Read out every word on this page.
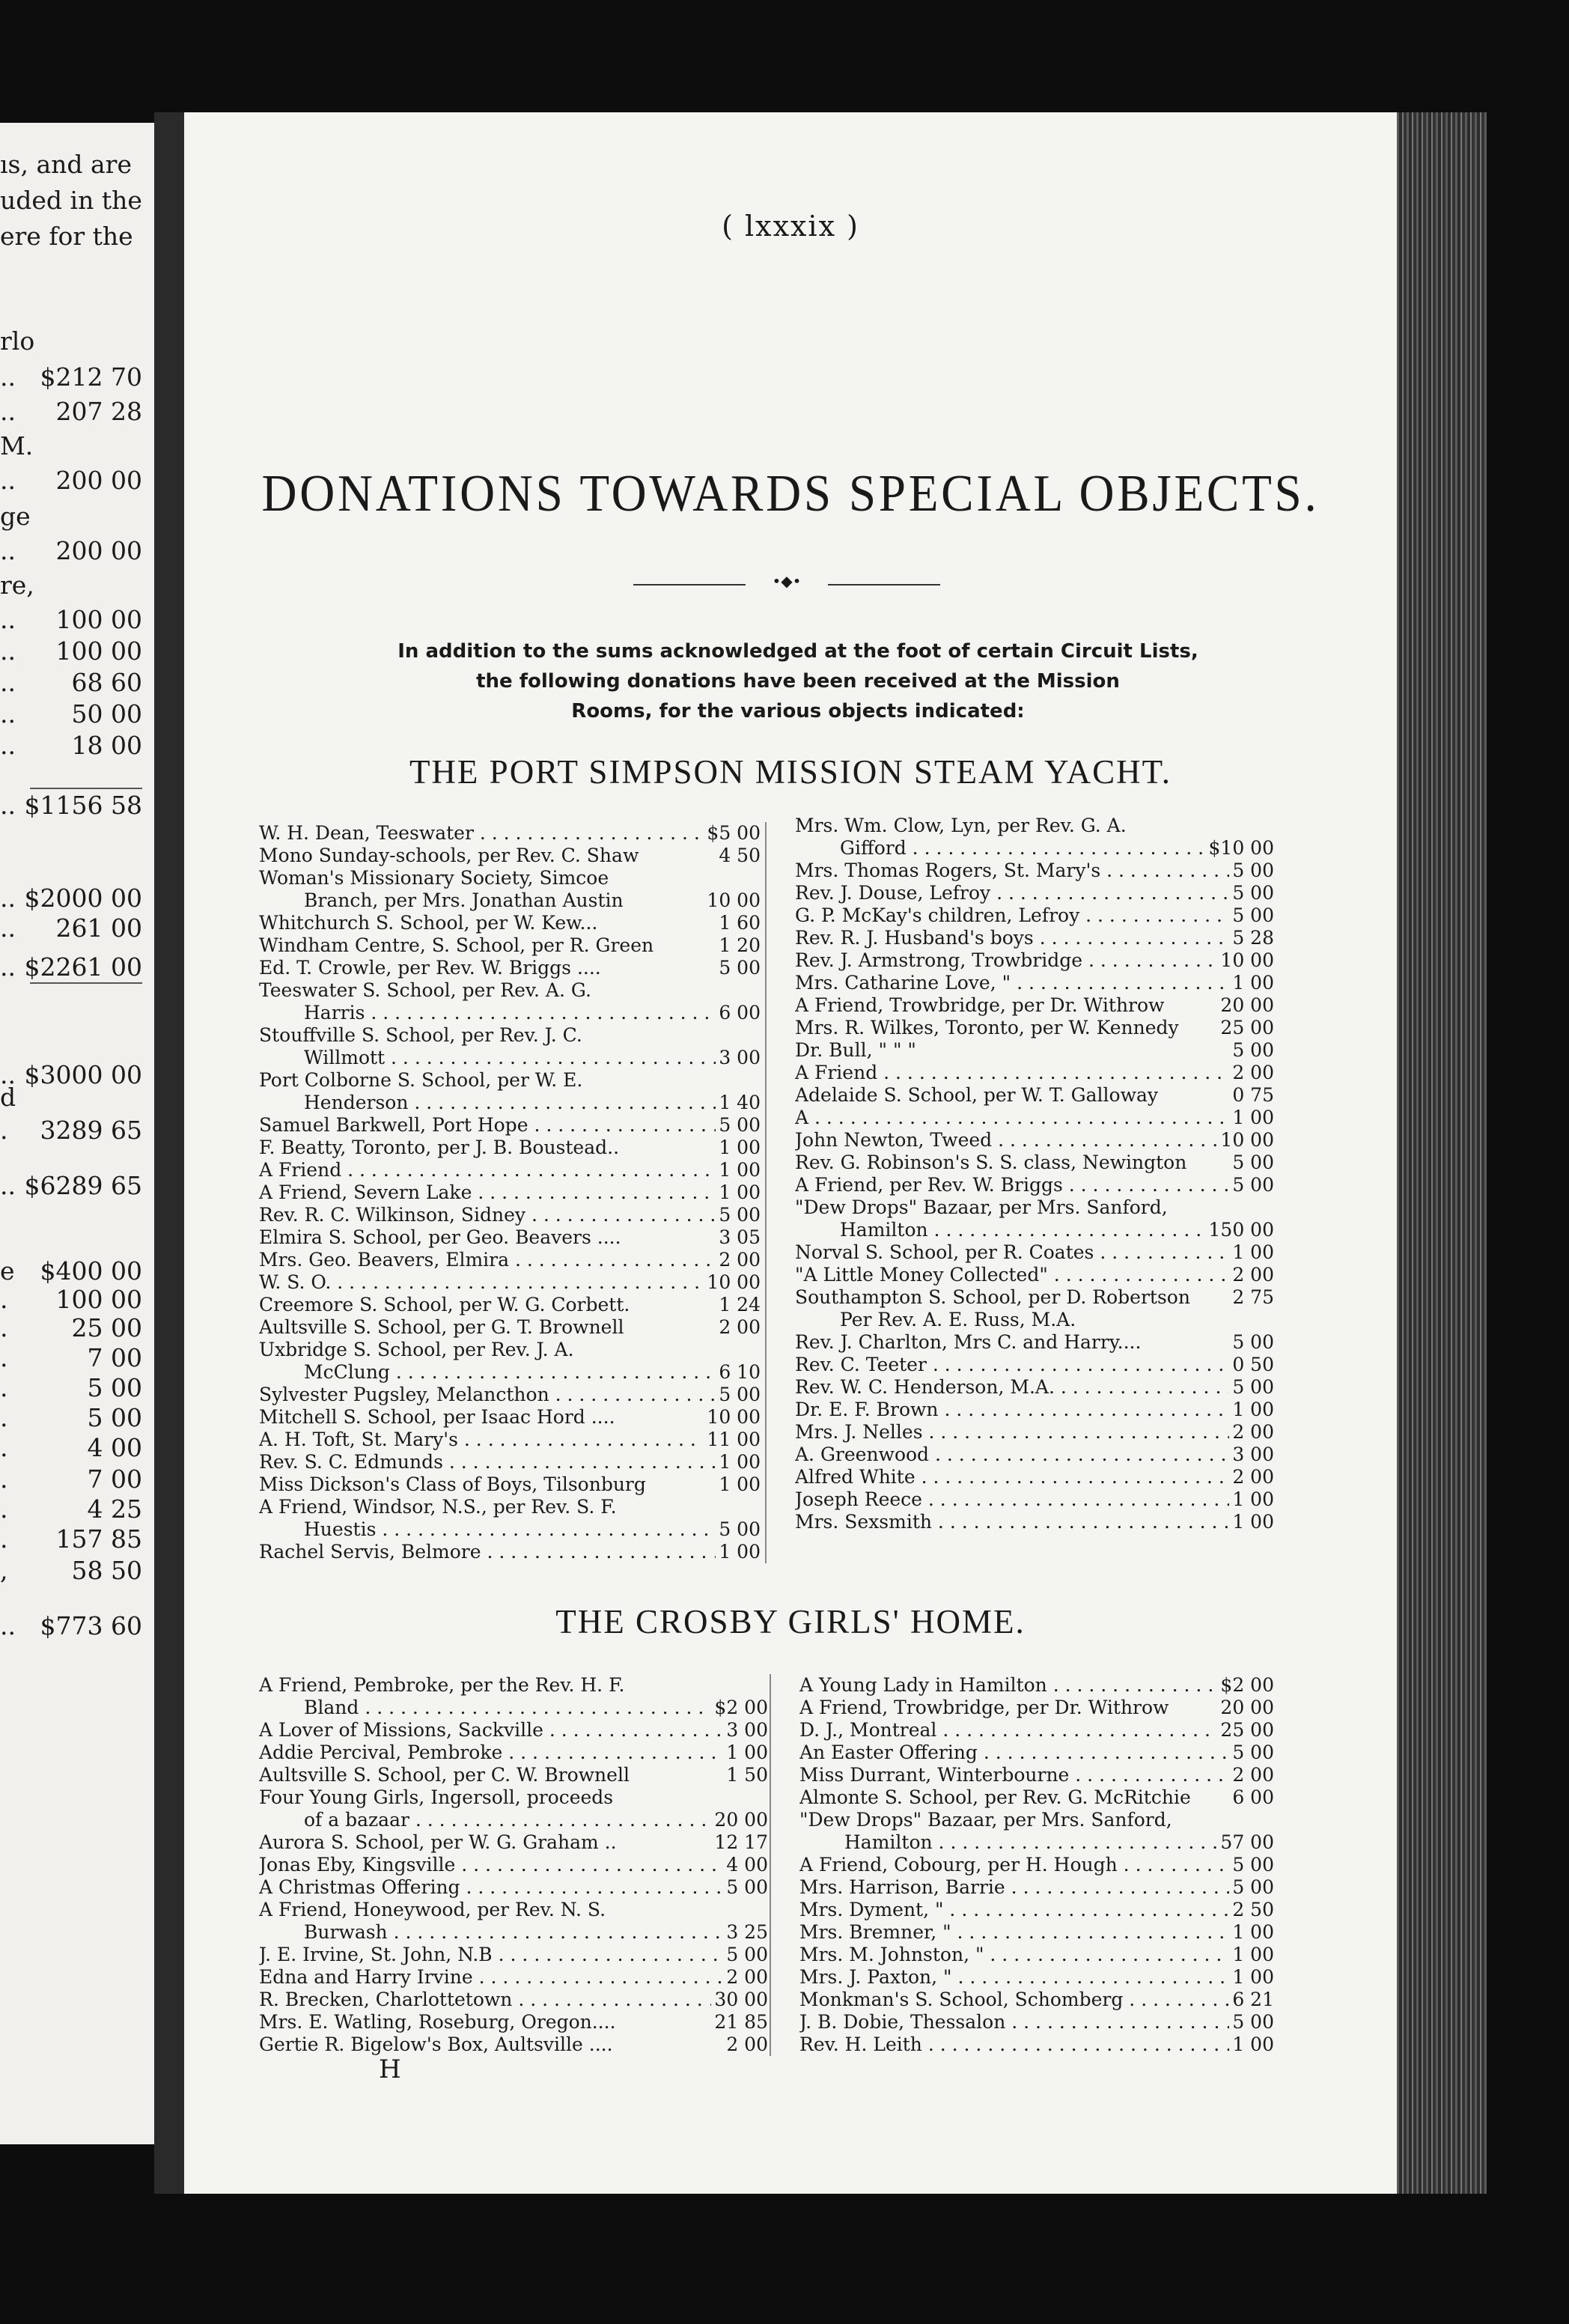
ıs, and are
uded in the
ere for the
rlo
.. $212 70
.. 207 28
M.
.. 200 00
ge
.. 200 00
re,
.. 100 00
.. 100 00
.. 68 60
.. 50 00
.. 18 00
.. $1156 58
.. $2000 00
.. 261 00
.. $2261 00
.. $3000 00
d
. 3289 65
.. $6289 65
e $400 00
. 100 00
.	25 00
.	7 00
.	5 00
.	5 00
.	4 00
.	7 00
.	4 25
. 157 85
,	58 50
.. $773 60
( lxxxix )
DONATIONS TOWARDS SPECIAL OBJECTS.
•◆•
In addition to the sums acknowledged at the foot of certain Circuit Lists,
the following donations have been received at the Mission
Rooms, for the various objects indicated:
THE PORT SIMPSON MISSION STEAM YACHT.
W. H. Dean, Teeswater . . .	$5 00
Mono Sunday-schools, per Rev. C. Shaw	4 50
Woman's Missionary Society, Simcoe
Branch, per Mrs. Jonathan Austin	10 00
Whitchurch S. School, per W. Kew...	1 60
Windham Centre, S. School, per R. Green	1 20
Ed. T. Crowle, per Rev. W. Briggs ....	5 00
Teeswater S. School, per Rev. A. G.
Harris . . .	6 00
Stouffville S. School, per Rev. J. C.
Willmott . . .	3 00
Port Colborne S. School, per W. E.
Henderson . . .	1 40
Samuel Barkwell, Port Hope . . .	5 00
F. Beatty, Toronto, per J. B. Boustead..	1 00
A Friend . . .	1 00
A Friend, Severn Lake . . .	1 00
Rev. R. C. Wilkinson, Sidney . . .	5 00
Elmira S. School, per Geo. Beavers ....	3 05
Mrs. Geo. Beavers, Elmira . . .	2 00
W. S. O. . . .	10 00
Creemore S. School, per W. G. Corbett.	1 24
Aultsville S. School, per G. T. Brownell	2 00
Uxbridge S. School, per Rev. J. A.
McClung . . .	6 10
Sylvester Pugsley, Melancthon . . .	5 00
Mitchell S. School, per Isaac Hord ....	10 00
A. H. Toft, St. Mary's . . .	11 00
Rev. S. C. Edmunds . . .	1 00
Miss Dickson's Class of Boys, Tilsonburg	1 00
A Friend, Windsor, N.S., per Rev. S. F.
Huestis . . .	5 00
Rachel Servis, Belmore . . .	1 00
Mrs. Wm. Clow, Lyn, per Rev. G. A.
Gifford . . .	$10 00
Mrs. Thomas Rogers, St. Mary's . . .	5 00
Rev. J. Douse, Lefroy . . .	5 00
G. P. McKay's children, Lefroy . . .	5 00
Rev. R. J. Husband's boys . . .	5 28
Rev. J. Armstrong, Trowbridge . . .	10 00
Mrs. Catharine Love, " . . .	1 00
A Friend, Trowbridge, per Dr. Withrow	20 00
Mrs. R. Wilkes, Toronto, per W. Kennedy 25 00
Dr. Bull, " " "	5 00
A Friend . . .	2 00
Adelaide S. School, per W. T. Galloway	0 75
A . . .	1 00
John Newton, Tweed . . .	10 00
Rev. G. Robinson's S. S. class, Newington 5 00
A Friend, per Rev. W. Briggs . . .	5 00
"Dew Drops" Bazaar, per Mrs. Sanford,
Hamilton . . .	150 00
Norval S. School, per R. Coates . . .	1 00
"A Little Money Collected" . . .	2 00
Southampton S. School, per D. Robertson 2 75
Per Rev. A. E. Russ, M.A.
Rev. J. Charlton, Mrs C. and Harry....	5 00
Rev. C. Teeter . . .	0 50
Rev. W. C. Henderson, M.A. . . .	5 00
Dr. E. F. Brown . . .	1 00
Mrs. J. Nelles . . .	2 00
A. Greenwood . . .	3 00
Alfred White . . .	2 00
Joseph Reece . . .	1 00
Mrs. Sexsmith . . .	1 00
THE CROSBY GIRLS' HOME.
A Friend, Pembroke, per the Rev. H. F.
Bland . . .	$2 00
A Lover of Missions, Sackville . . .	3 00
Addie Percival, Pembroke . . .	1 00
Aultsville S. School, per C. W. Brownell	1 50
Four Young Girls, Ingersoll, proceeds
of a bazaar . . .	20 00
Aurora S. School, per W. G. Graham ..	12 17
Jonas Eby, Kingsville . . .	4 00
A Christmas Offering . . .	5 00
A Friend, Honeywood, per Rev. N. S.
Burwash . . .	3 25
J. E. Irvine, St. John, N.B . . .	5 00
Edna and Harry Irvine . . .	2 00
R. Brecken, Charlottetown . . .	30 00
Mrs. E. Watling, Roseburg, Oregon....	21 85
Gertie R. Bigelow's Box, Aultsville ....	2 00
A Young Lady in Hamilton . . .	$2 00
A Friend, Trowbridge, per Dr. Withrow	20 00
D. J., Montreal . . .	25 00
An Easter Offering . . .	5 00
Miss Durrant, Winterbourne . . .	2 00
Almonte S. School, per Rev. G. McRitchie 6 00
"Dew Drops" Bazaar, per Mrs. Sanford,
Hamilton . . .	57 00
A Friend, Cobourg, per H. Hough . . .	5 00
Mrs. Harrison, Barrie . . .	5 00
Mrs. Dyment, " . . .	2 50
Mrs. Bremner, " . . .	1 00
Mrs. M. Johnston, " . . .	1 00
Mrs. J. Paxton, " . . .	1 00
Monkman's S. School, Schomberg . . .	6 21
J. B. Dobie, Thessalon . . .	5 00
Rev. H. Leith . . .	1 00
H
